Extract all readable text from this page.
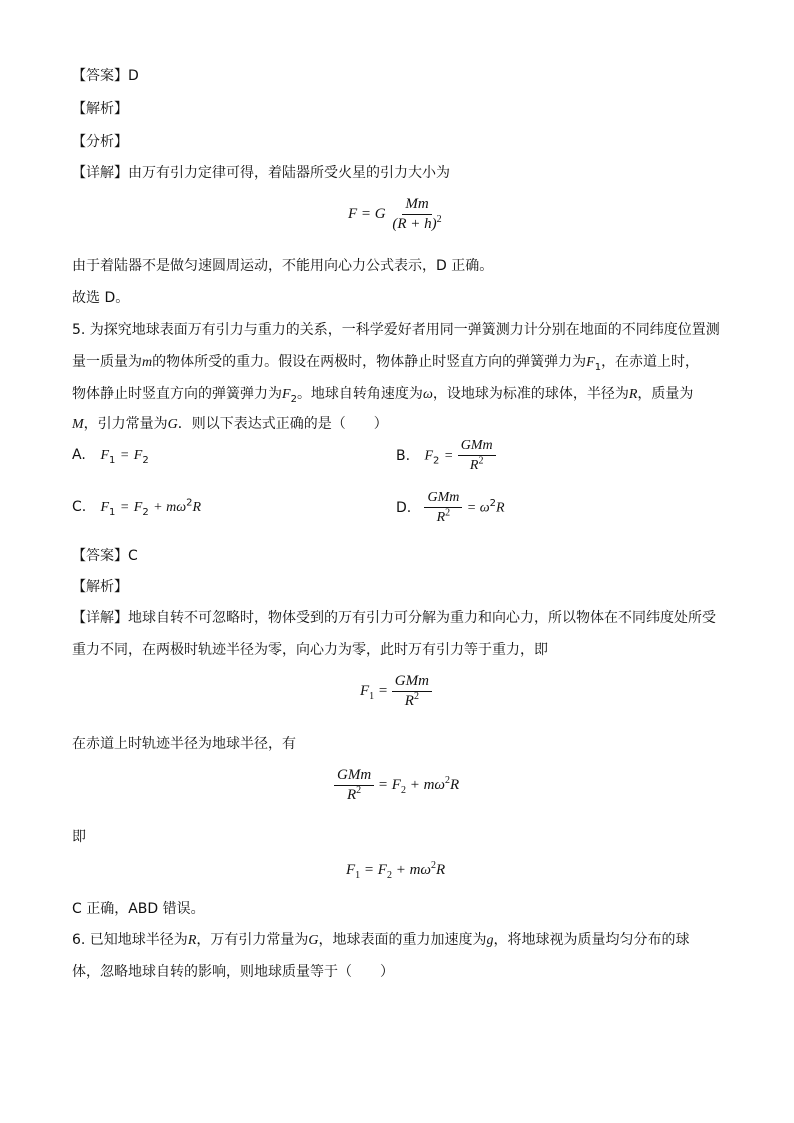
【答案】D
【解析】
【分析】
【详解】由万有引力定律可得，着陆器所受火星的引力大小为
F = G $\frac{Mm}{(R + h)^2}$
由于着陆器不是做匀速圆周运动，不能用向心力公式表示，D 正确。
故选 D。
5. 为探究地球表面万有引力与重力的关系，一科学爱好者用同一弹簧测力计分别在地面的不同纬度位置测
量一质量为m的物体所受的重力。假设在两极时，物体静止时竖直方向的弹簧弹力为$F_1$，在赤道上时，
物体静止时竖直方向的弹簧弹力为$F_2$。地球自转角速度为ω，设地球为标准的球体，半径为R，质量为
M，引力常量为G．则以下表达式正确的是（　　）
A. $F_1 = F_2$	B. $F_2 = \frac{\text{GMm}}{R^2}$
C. $F_1 = F_2 + m\omega^2R$	D. $\frac{\text{GMm}}{R^2} = \omega^2R$
【答案】C
【解析】
【详解】地球自转不可忽略时，物体受到的万有引力可分解为重力和向心力，所以物体在不同纬度处所受
重力不同，在两极时轨迹半径为零，向心力为零，此时万有引力等于重力，即
$F_1 = \frac{\text{GMm}}{R^2}$
在赤道上时轨迹半径为地球半径，有
$\frac{\text{GMm}}{R^2} = F_2 + m\omega^2R$
即
$F_1 = F_2 + m\omega^2R$
C 正确，ABD 错误。
6. 已知地球半径为R，万有引力常量为G，地球表面的重力加速度为g，将地球视为质量均匀分布的球
体，忽略地球自转的影响，则地球质量等于（　　）
